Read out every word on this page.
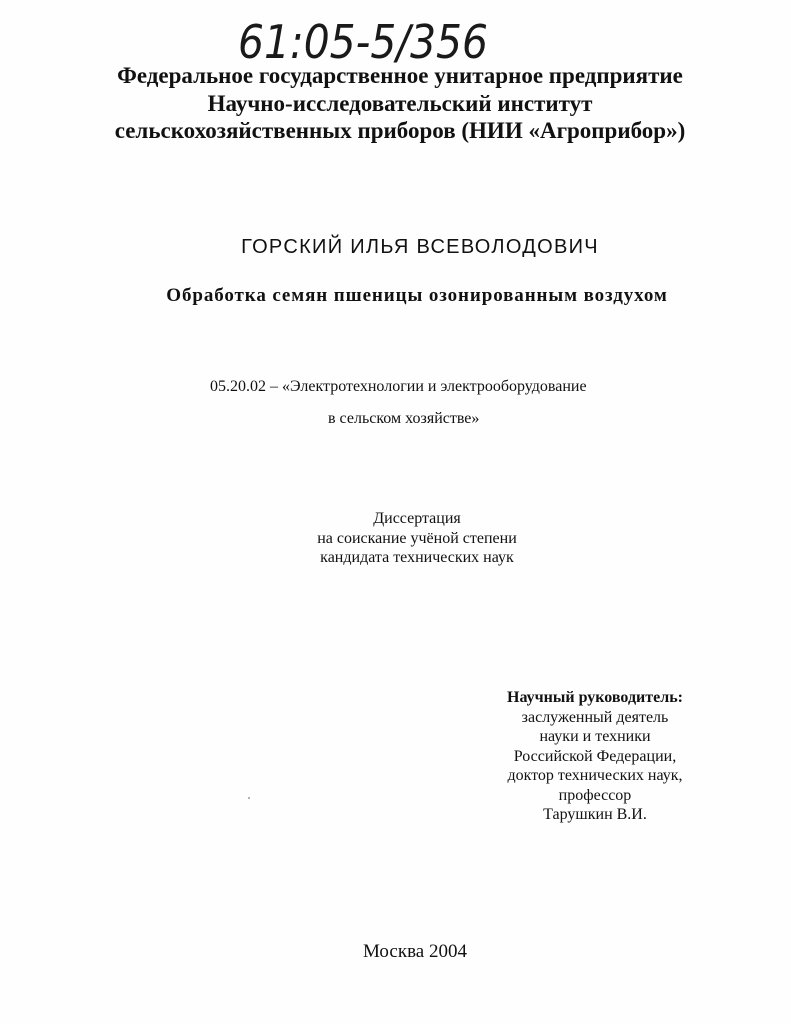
61:05-5/356
Федеральное государственное унитарное предприятие
Научно-исследовательский институт
сельскохозяйственных приборов (НИИ «Агроприбор»)
ГОРСКИЙ ИЛЬЯ ВСЕВОЛОДОВИЧ
Обработка семян пшеницы озонированным воздухом
05.20.02 – «Электротехнологии и электрооборудование
в сельском хозяйстве»
Диссертация
на соискание учёной степени
кандидата технических наук
Научный руководитель:
заслуженный деятель
науки и техники
Российской Федерации,
доктор технических наук,
профессор
Тарушкин В.И.
Москва 2004
